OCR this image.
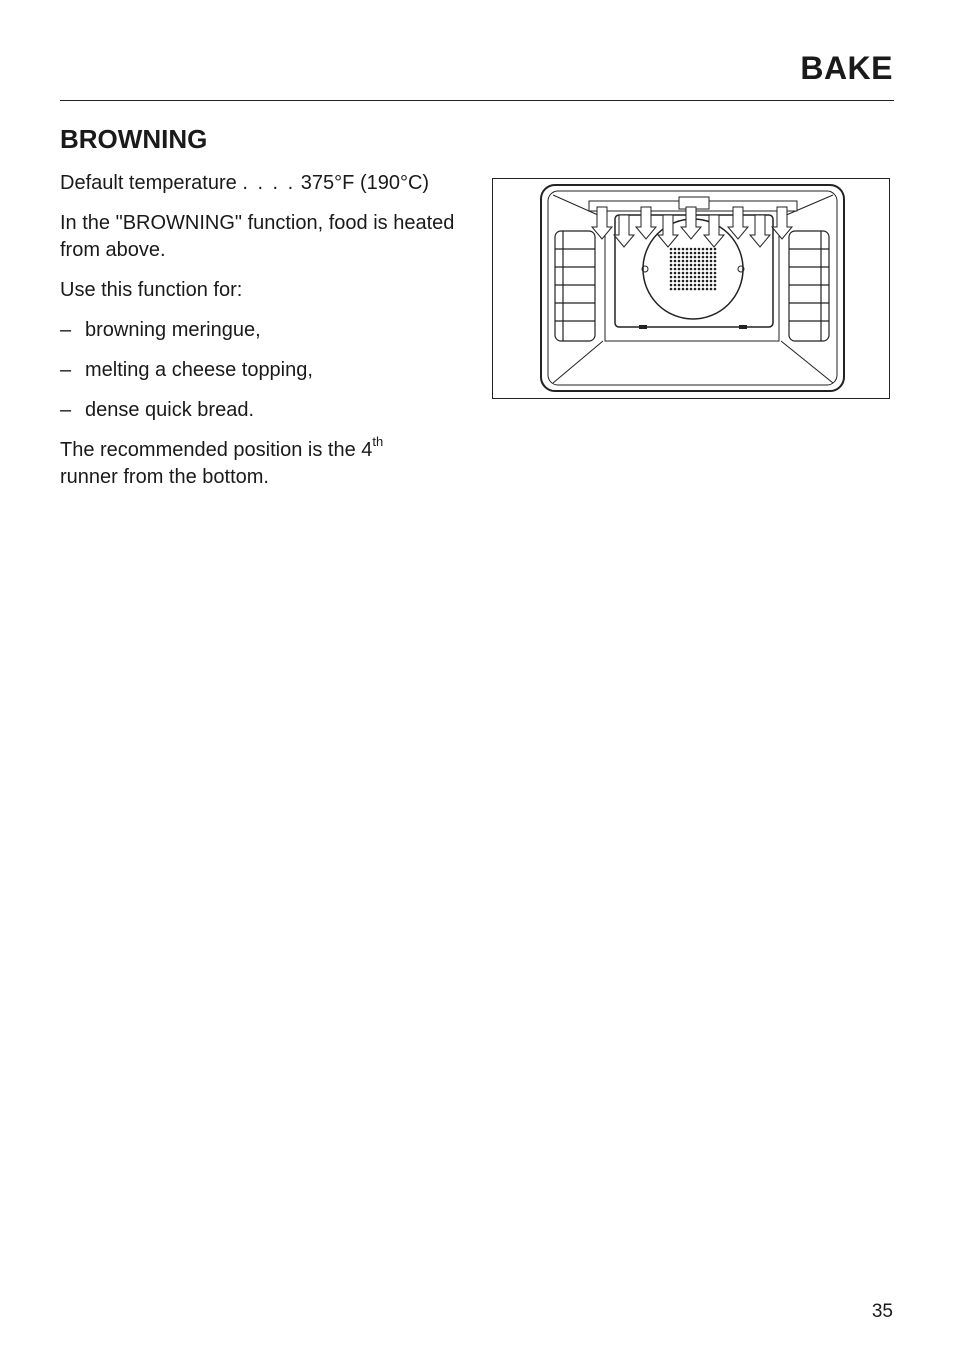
BAKE
BROWNING

Default temperature . . . . 375°F (190°C)

In the "BROWNING" function, food is heated from above.

Use this function for:

– browning meringue,
– melting a cheese topping,
– dense quick bread.

The recommended position is the 4th
runner from the bottom.

35
